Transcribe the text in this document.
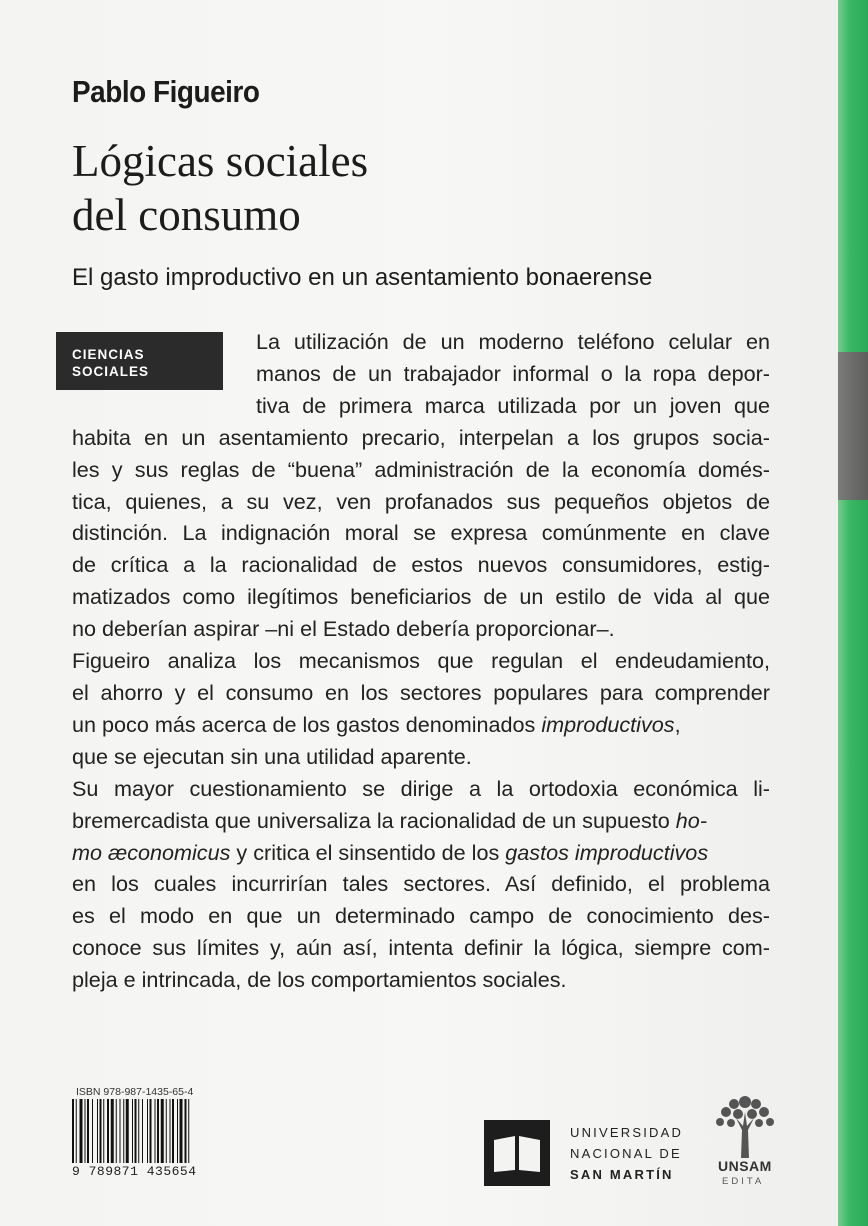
Pablo Figueiro
Lógicas sociales
del consumo
El gasto improductivo en un asentamiento bonaerense
CIENCIAS
SOCIALES
La utilización de un moderno teléfono celular en
manos de un trabajador informal o la ropa depor-
tiva de primera marca utilizada por un joven que
habita en un asentamiento precario, interpelan a los grupos socia-
les y sus reglas de “buena” administración de la economía domés-
tica, quienes, a su vez, ven profanados sus pequeños objetos de
distinción. La indignación moral se expresa comúnmente en clave
de crítica a la racionalidad de estos nuevos consumidores, estig-
matizados como ilegítimos beneficiarios de un estilo de vida al que
no deberían aspirar –ni el Estado debería proporcionar–.
Figueiro analiza los mecanismos que regulan el endeudamiento,
el ahorro y el consumo en los sectores populares para comprender
un poco más acerca de los gastos denominados improductivos,
que se ejecutan sin una utilidad aparente.
Su mayor cuestionamiento se dirige a la ortodoxia económica li-
bremercadista que universaliza la racionalidad de un supuesto ho-
mo æconomicus y critica el sinsentido de los gastos improductivos
en los cuales incurrirían tales sectores. Así definido, el problema
es el modo en que un determinado campo de conocimiento des-
conoce sus límites y, aún así, intenta definir la lógica, siempre com-
pleja e intrincada, de los comportamientos sociales.
ISBN 978-987-1435-65-4
9 789871 435654
UNIVERSIDAD
NACIONAL DE
SAN MARTÍN
UNSAM
EDITA
